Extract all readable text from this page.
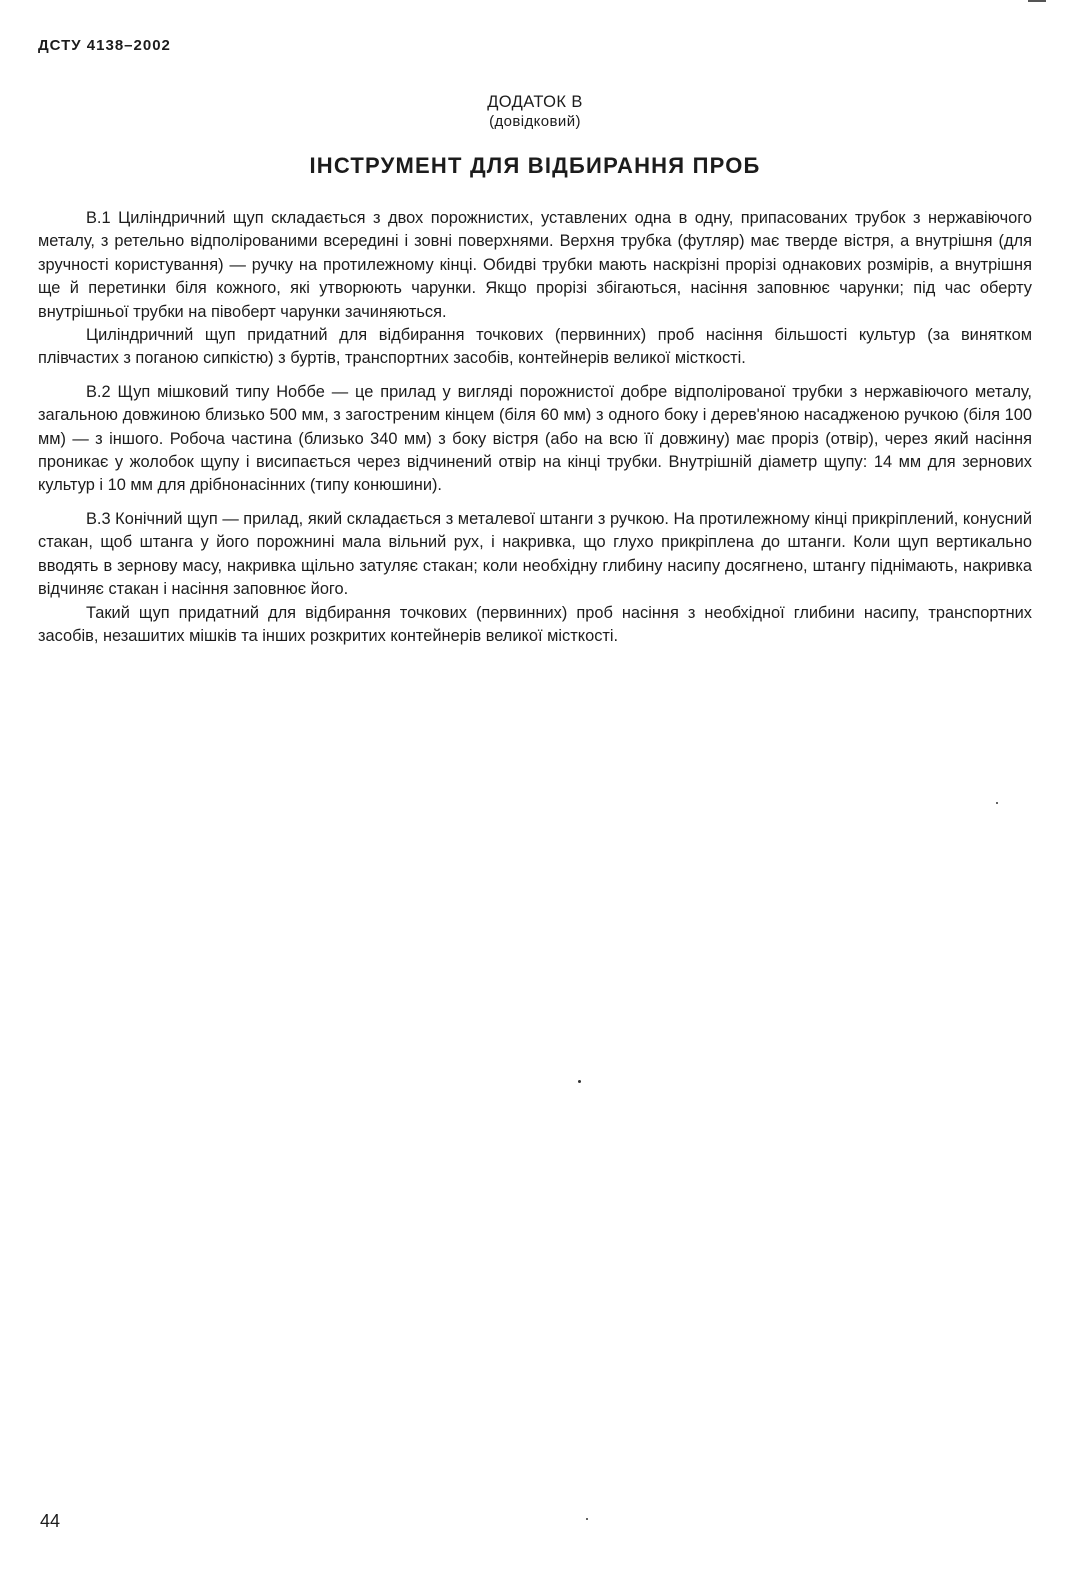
ДСТУ 4138–2002
ДОДАТОК В
(довідковий)
ІНСТРУМЕНТ ДЛЯ ВІДБИРАННЯ ПРОБ

В.1 Циліндричний щуп складається з двох порожнистих, уставлених одна в одну, припасованих трубок з нержавіючого металу, з ретельно відполірованими всередині і зовні поверхнями. Верхня трубка (футляр) має тверде вістря, а внутрішня (для зручності користування) — ручку на протилежному кінці. Обидві трубки мають наскрізні прорізі однакових розмірів, а внутрішня ще й перетинки біля кожного, які утворюють чарунки. Якщо прорізі збігаються, насіння заповнює чарунки; під час оберту внутрішньої трубки на півоберт чарунки зачиняються.

Циліндричний щуп придатний для відбирання точкових (первинних) проб насіння більшості культур (за винятком плівчастих з поганою сипкістю) з буртів, транспортних засобів, контейнерів великої місткості.

В.2 Щуп мішковий типу Ноббе — це прилад у вигляді порожнистої добре відполірованої трубки з нержавіючого металу, загальною довжиною близько 500 мм, з загостреним кінцем (біля 60 мм) з одного боку і дерев'яною насадженою ручкою (біля 100 мм) — з іншого. Робоча частина (близько 340 мм) з боку вістря (або на всю її довжину) має проріз (отвір), через який насіння проникає у жолобок щупу і висипається через відчинений отвір на кінці трубки. Внутрішній діаметр щупу: 14 мм для зернових культур і 10 мм для дрібнонасінних (типу конюшини).

В.3 Конічний щуп — прилад, який складається з металевої штанги з ручкою. На протилежному кінці прикріплений, конусний стакан, щоб штанга у його порожнині мала вільний рух, і накривка, що глухо прикріплена до штанги. Коли щуп вертикально вводять в зернову масу, накривка щільно затуляє стакан; коли необхідну глибину насипу досягнено, штангу піднімають, накривка відчиняє стакан і насіння заповнює його.

Такий щуп придатний для відбирання точкових (первинних) проб насіння з необхідної глибини насипу, транспортних засобів, незашитих мішків та інших розкритих контейнерів великої місткості.

44
